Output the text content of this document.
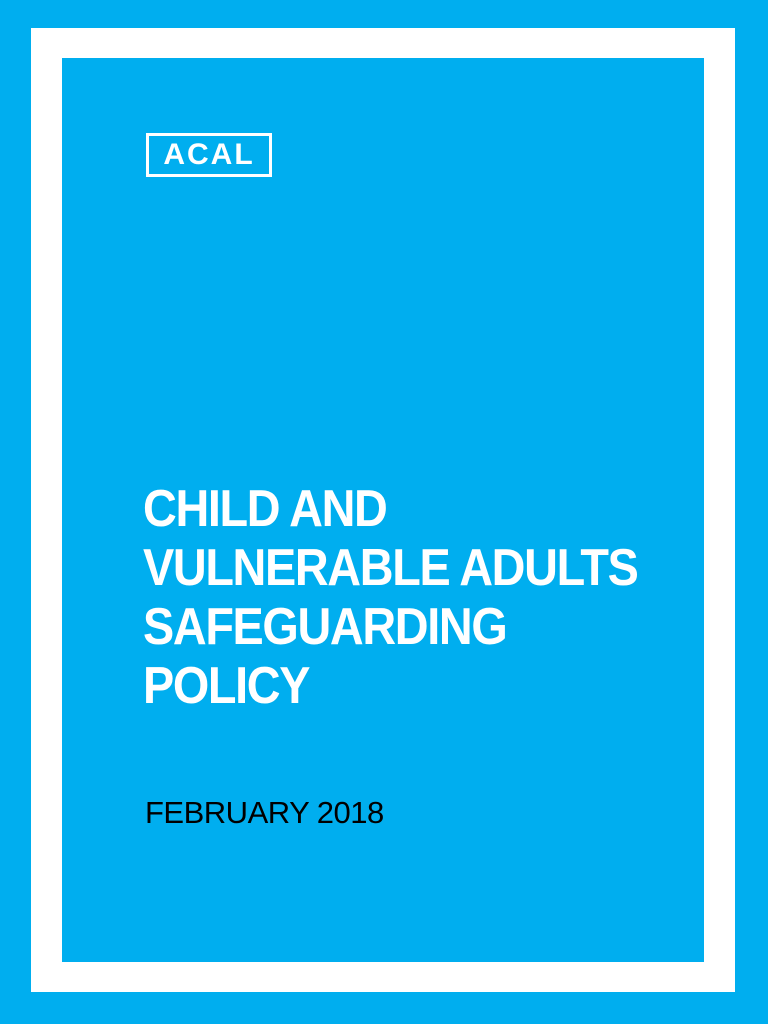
ACAL
CHILD AND
VULNERABLE ADULTS
SAFEGUARDING
POLICY
FEBRUARY 2018
